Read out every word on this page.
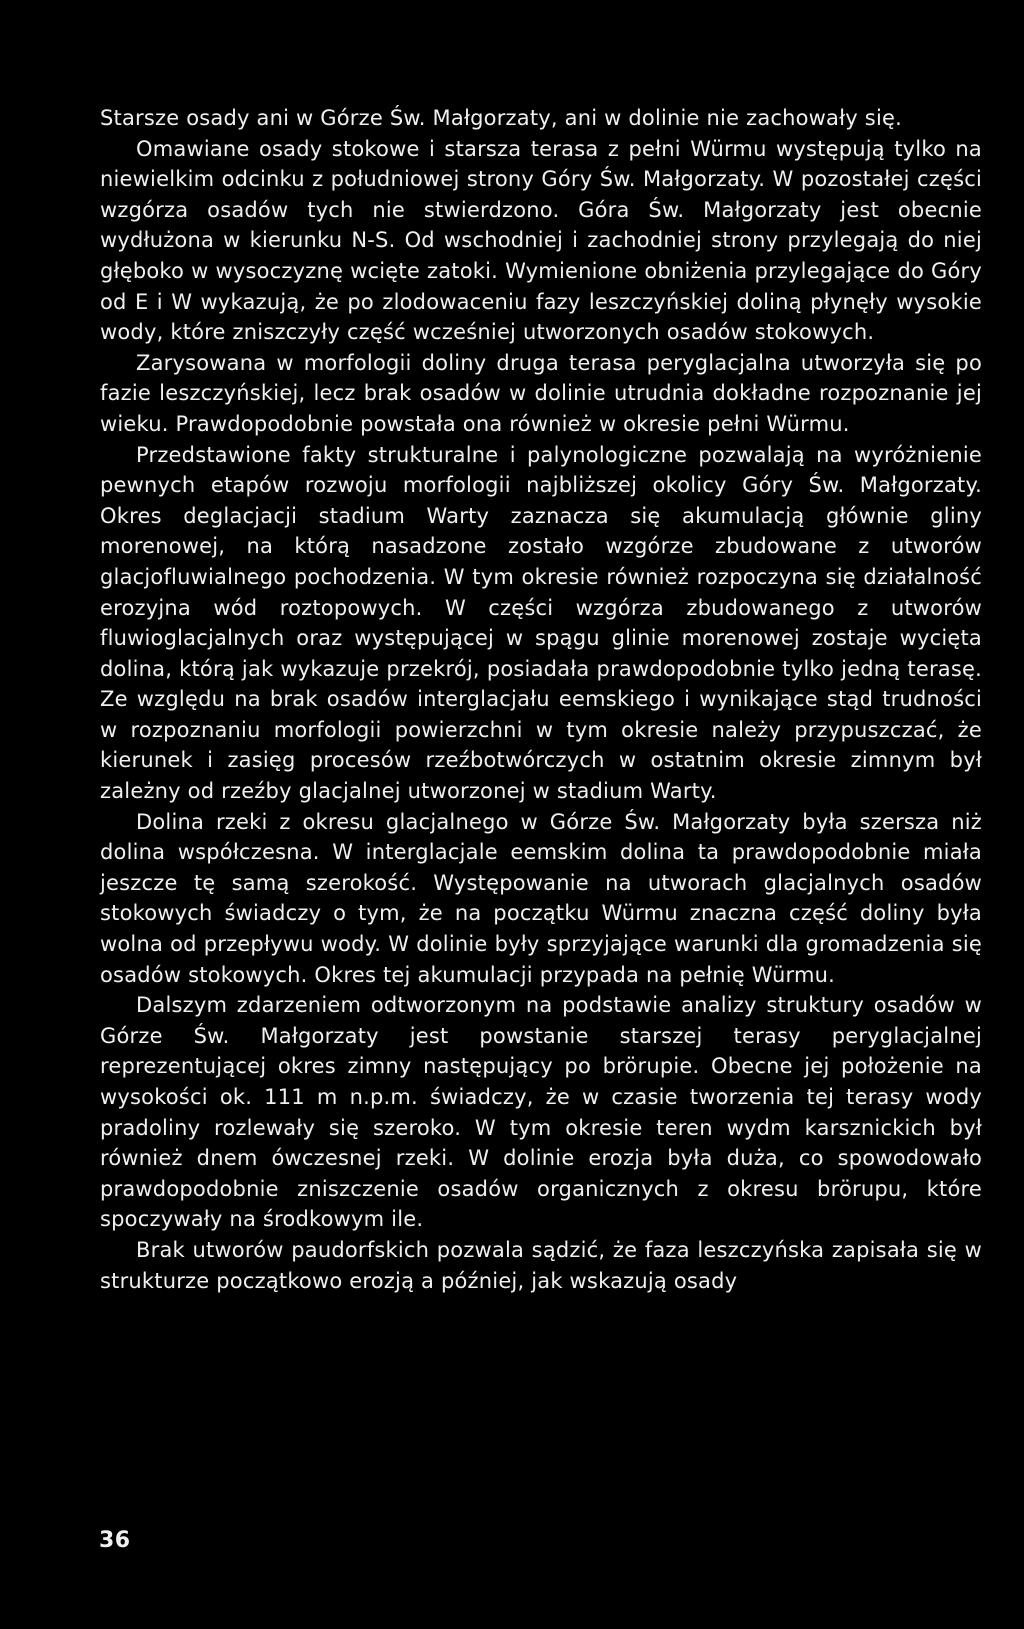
Starsze osady ani w Górze Św. Małgorzaty, ani w dolinie nie zachowały się.

Omawiane osady stokowe i starsza terasa z pełni Würmu występują tylko na niewielkim odcinku z południowej strony Góry Św. Małgorzaty. W pozostałej części wzgórza osadów tych nie stwierdzono. Góra Św. Małgorzaty jest obecnie wydłużona w kierunku N-S. Od wschodniej i zachodniej strony przylegają do niej głęboko w wysoczyznę wcięte zatoki. Wymienione obniżenia przylegające do Góry od E i W wykazują, że po zlodowaceniu fazy leszczyńskiej doliną płynęły wysokie wody, które zniszczyły część wcześniej utworzonych osadów stokowych.

Zarysowana w morfologii doliny druga terasa peryglacjalna utworzyła się po fazie leszczyńskiej, lecz brak osadów w dolinie utrudnia dokładne rozpoznanie jej wieku. Prawdopodobnie powstała ona również w okresie pełni Würmu.

Przedstawione fakty strukturalne i palynologiczne pozwalają na wyróżnienie pewnych etapów rozwoju morfologii najbliższej okolicy Góry Św. Małgorzaty. Okres deglacjacji stadium Warty zaznacza się akumulacją głównie gliny morenowej, na którą nasadzone zostało wzgórze zbudowane z utworów glacjofluwialnego pochodzenia. W tym okresie również rozpoczyna się działalność erozyjna wód roztopowych. W części wzgórza zbudowanego z utworów fluwioglacjalnych oraz występującej w spągu glinie morenowej zostaje wycięta dolina, którą jak wykazuje przekrój, posiadała prawdopodobnie tylko jedną terasę. Ze względu na brak osadów interglacjału eemskiego i wynikające stąd trudności w rozpoznaniu morfologii powierzchni w tym okresie należy przypuszczać, że kierunek i zasięg procesów rzeźbotwórczych w ostatnim okresie zimnym był zależny od rzeźby glacjalnej utworzonej w stadium Warty.

Dolina rzeki z okresu glacjalnego w Górze Św. Małgorzaty była szersza niż dolina współczesna. W interglacjale eemskim dolina ta prawdopodobnie miała jeszcze tę samą szerokość. Występowanie na utworach glacjalnych osadów stokowych świadczy o tym, że na początku Würmu znaczna część doliny była wolna od przepływu wody. W dolinie były sprzyjające warunki dla gromadzenia się osadów stokowych. Okres tej akumulacji przypada na pełnię Würmu.

Dalszym zdarzeniem odtworzonym na podstawie analizy struktury osadów w Górze Św. Małgorzaty jest powstanie starszej terasy peryglacjalnej reprezentującej okres zimny następujący po brörupie. Obecne jej położenie na wysokości ok. 111 m n.p.m. świadczy, że w czasie tworzenia tej terasy wody pradoliny rozlewały się szeroko. W tym okresie teren wydm karsznickich był również dnem ówczesnej rzeki. W dolinie erozja była duża, co spowodowało prawdopodobnie zniszczenie osadów organicznych z okresu brörupu, które spoczywały na środkowym ile.

Brak utworów paudorfskich pozwala sądzić, że faza leszczyńska zapisała się w strukturze początkowo erozją a później, jak wskazują osady

36
